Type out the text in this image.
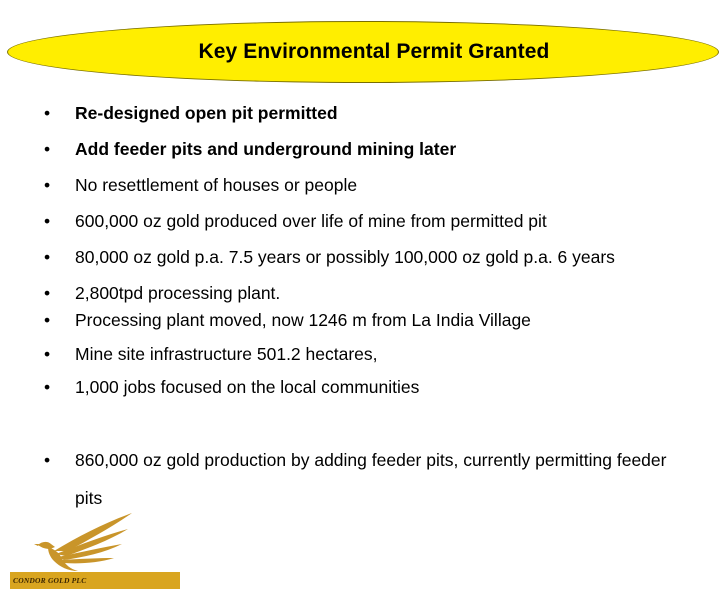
Key Environmental Permit Granted
•	Re-designed open pit permitted
•	Add feeder pits and underground mining later
•	No resettlement of houses or people
•	600,000 oz gold produced over life of mine from permitted pit
•	80,000 oz gold p.a. 7.5 years or possibly 100,000 oz gold p.a. 6 years
•	2,800tpd processing plant.
•	Processing plant moved, now 1246 m from La India Village
•	Mine site infrastructure 501.2 hectares,
•	1,000 jobs focused on the local communities
•	860,000 oz gold production by adding feeder pits, currently permitting feeder pits
CONDOR GOLD PLC
